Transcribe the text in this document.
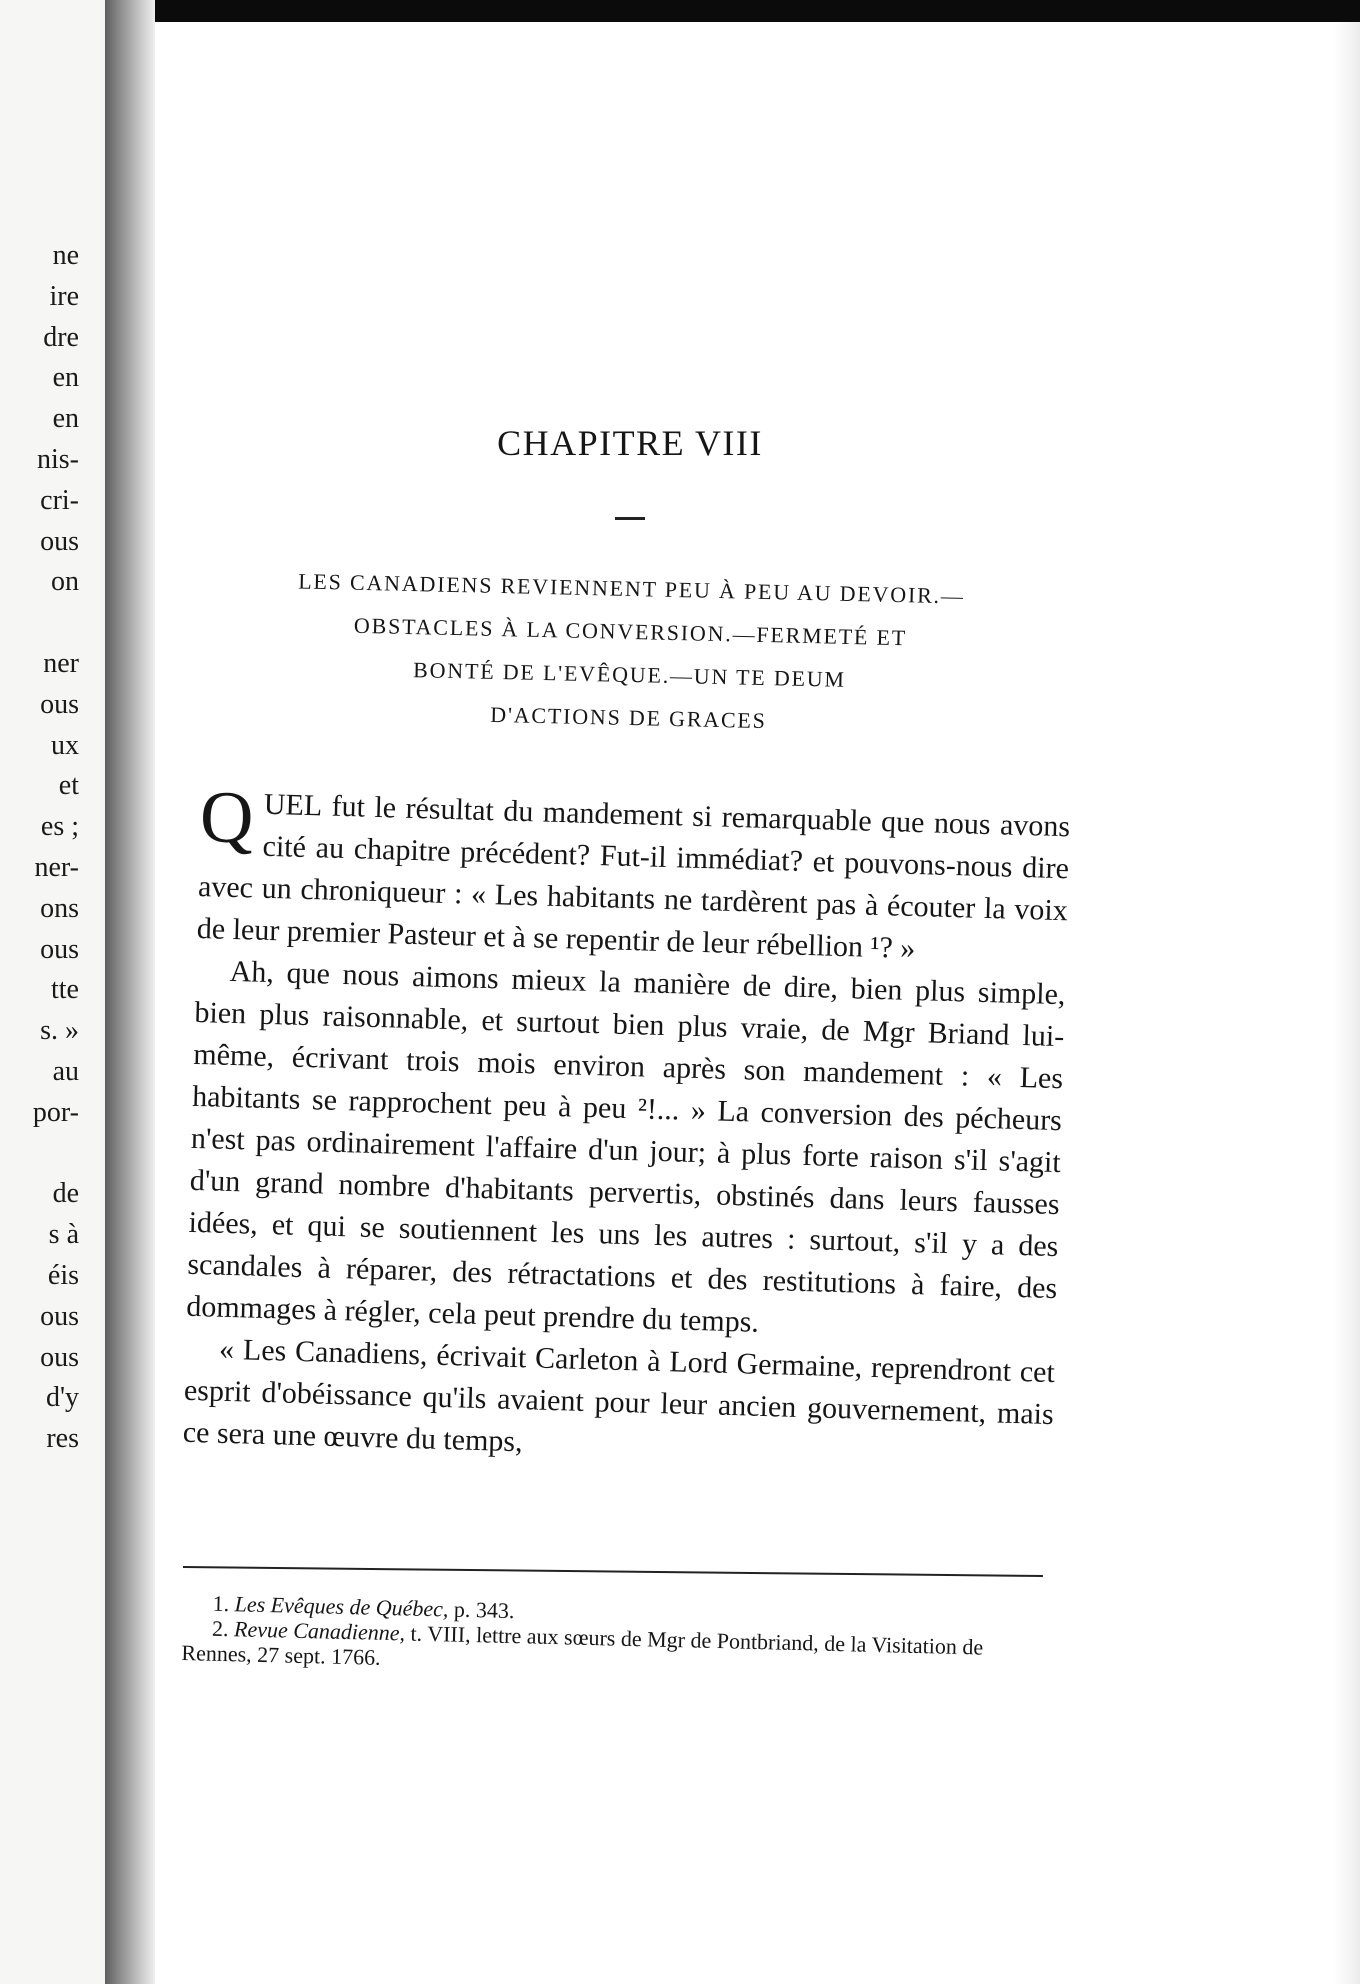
ne
ire
dre
en
en
nis-
cri-
ous
on
ner
ous
ux
et
es ;
ner-
ons
ous
tte
s. »
au
por-
de
s à
éis
ous
ous
d'y
res
CHAPITRE VIII
LES CANADIENS REVIENNENT PEU À PEU AU DEVOIR.—
OBSTACLES À LA CONVERSION.—FERMETÉ ET
BONTÉ DE L'EVÊQUE.—UN TE DEUM
D'ACTIONS DE GRACES

QUEL fut le résultat du mandement si remarquable que nous avons cité au chapitre précédent? Fut-il immédiat? et pouvons-nous dire avec un chroniqueur : « Les habitants ne tardèrent pas à écouter la voix de leur premier Pasteur et à se repentir de leur rébellion ¹? »

Ah, que nous aimons mieux la manière de dire, bien plus simple, bien plus raisonnable, et surtout bien plus vraie, de Mgr Briand lui-même, écrivant trois mois environ après son mandement : « Les habitants se rapprochent peu à peu ²!... » La conversion des pécheurs n'est pas ordinairement l'affaire d'un jour; à plus forte raison s'il s'agit d'un grand nombre d'habitants pervertis, obstinés dans leurs fausses idées, et qui se soutiennent les uns les autres : surtout, s'il y a des scandales à réparer, des rétractations et des restitutions à faire, des dommages à régler, cela peut prendre du temps.

« Les Canadiens, écrivait Carleton à Lord Germaine, reprendront cet esprit d'obéissance qu'ils avaient pour leur ancien gouvernement, mais ce sera une œuvre du temps,

1. Les Evêques de Québec, p. 343.

2. Revue Canadienne, t. VIII, lettre aux sœurs de Mgr de Pontbriand, de la Visitation de Rennes, 27 sept. 1766.
